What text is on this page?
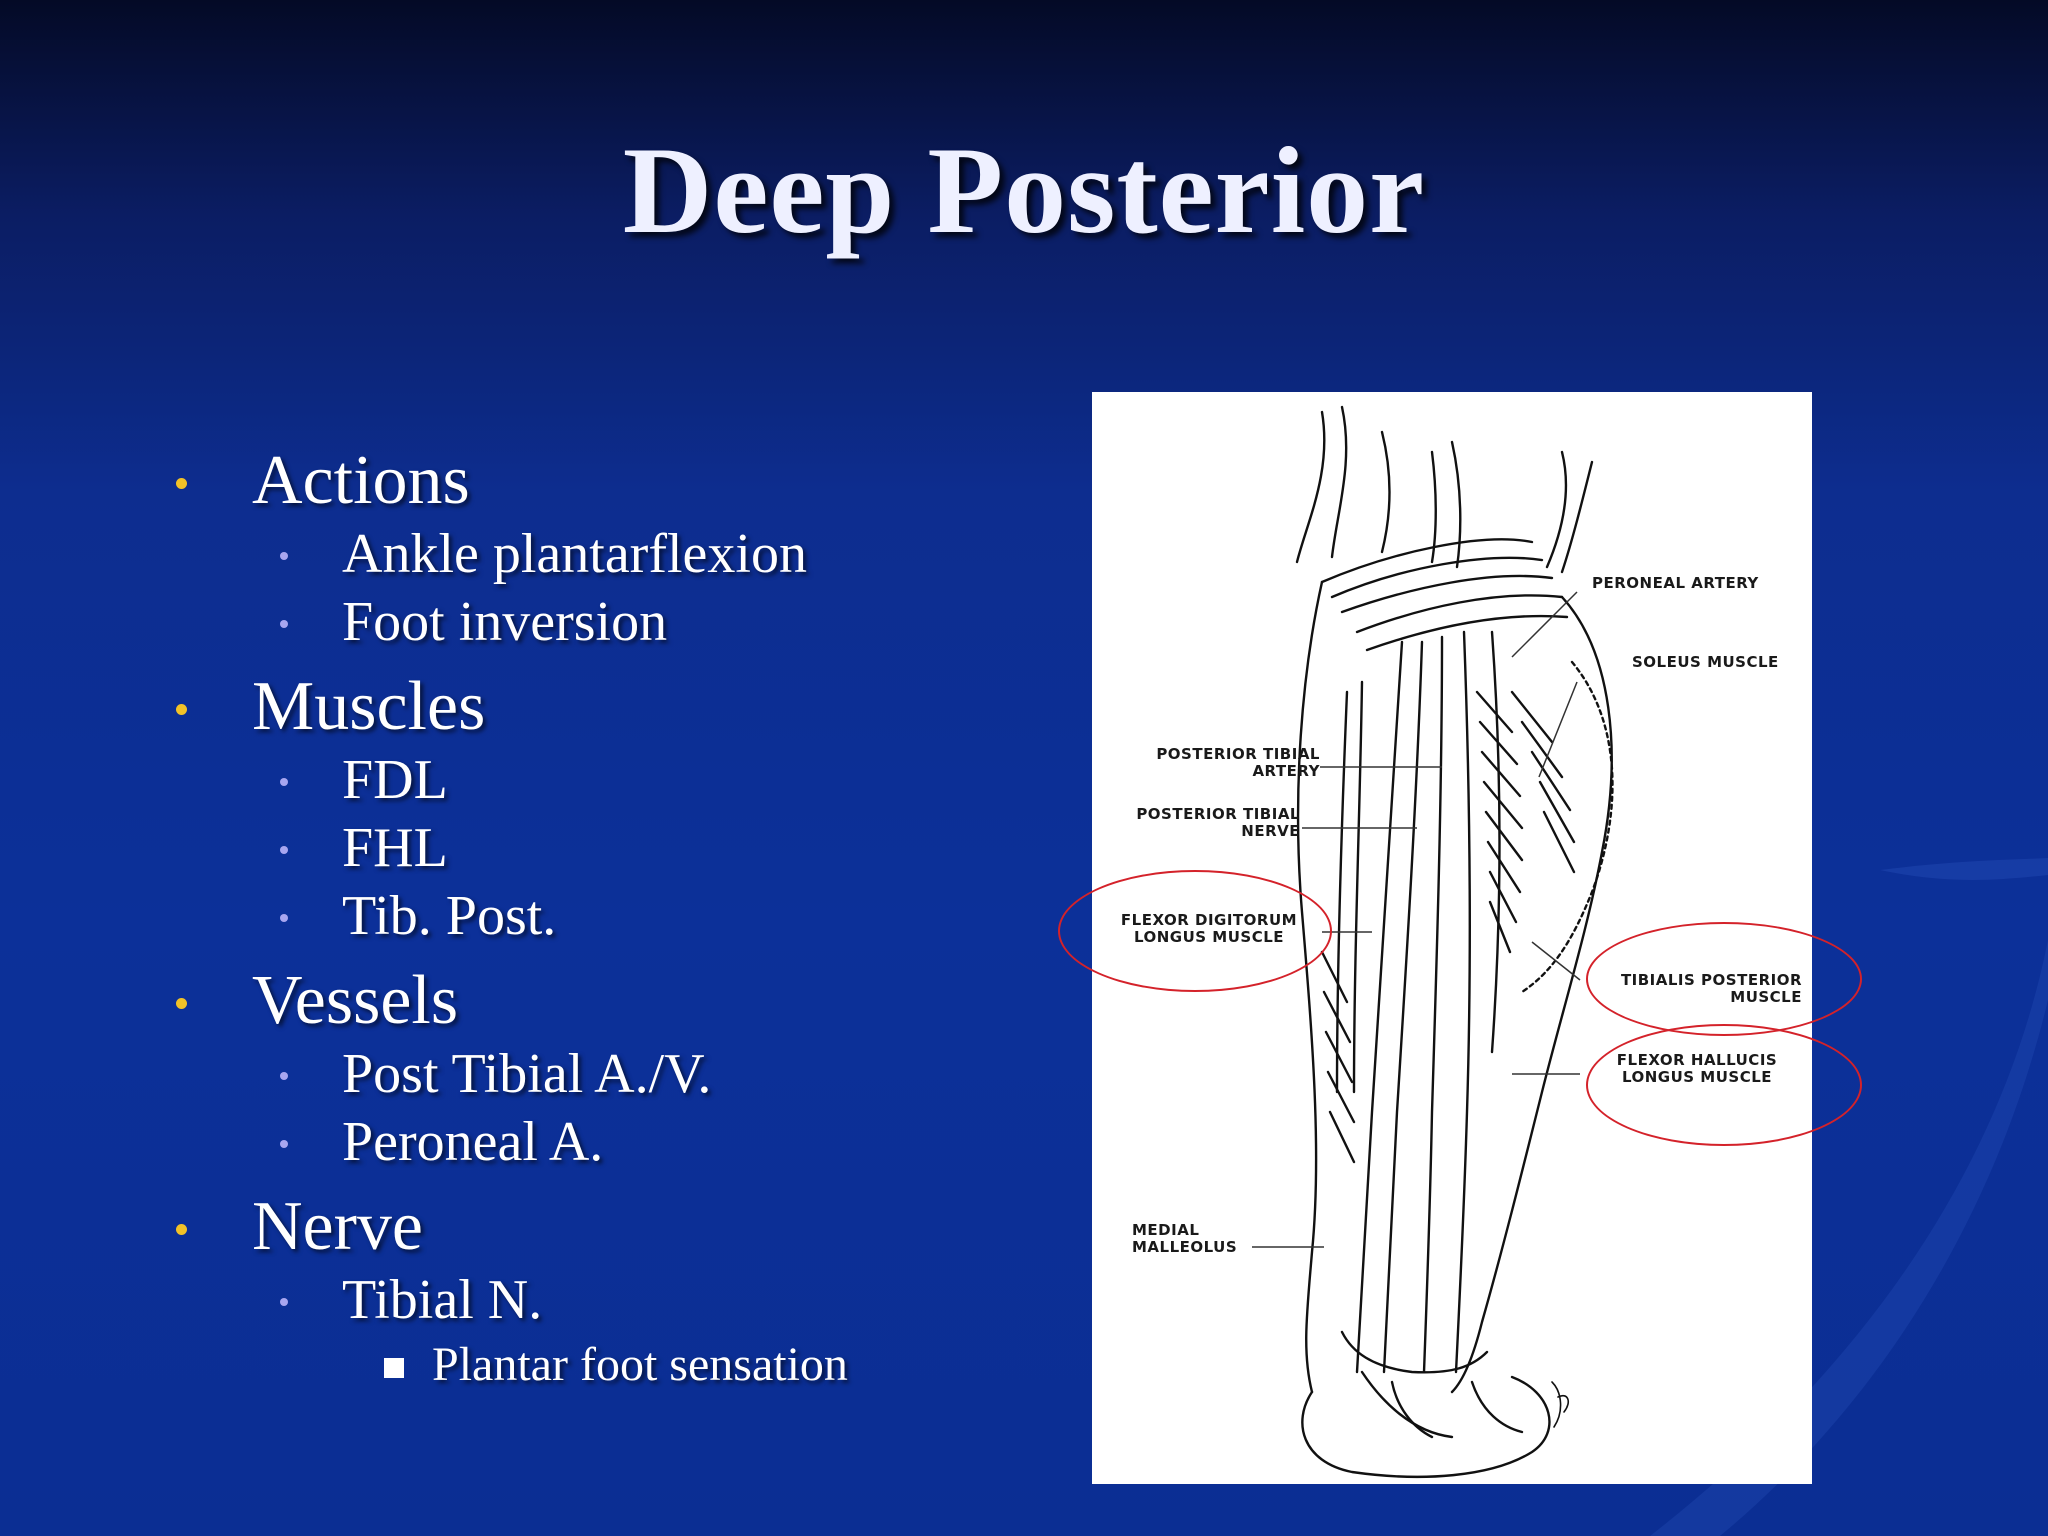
Deep Posterior
Actions
Ankle plantarflexion
Foot inversion
Muscles
FDL
FHL
Tib. Post.
Vessels
Post Tibial A./V.
Peroneal A.
Nerve
Tibial N.
Plantar foot sensation
PERONEAL ARTERY
SOLEUS MUSCLE
POSTERIOR TIBIAL
ARTERY
POSTERIOR TIBIAL
NERVE
FLEXOR DIGITORUM
LONGUS MUSCLE
TIBIALIS POSTERIOR
MUSCLE
FLEXOR HALLUCIS
LONGUS MUSCLE
MEDIAL
MALLEOLUS
